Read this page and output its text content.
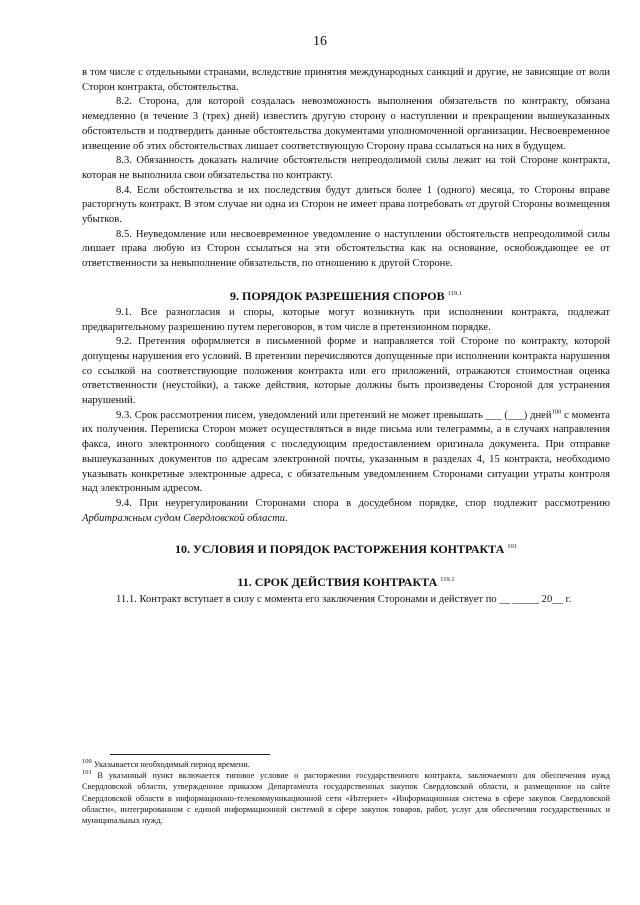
16

в том числе с отдельными странами, вследствие принятия международных санкций и другие, не зависящие от воли Сторон контракта, обстоятельства.

8.2. Сторона, для которой создалась невозможность выполнения обязательств по контракту, обязана немедленно (в течение 3 (трех) дней) известить другую сторону о наступлении и прекращении вышеуказанных обстоятельств и подтвердить данные обстоятельства документами уполномоченной организации. Несвоевременное извещение об этих обстоятельствах лишает соответствующую Сторону права ссылаться на них в будущем.

8.3. Обязанность доказать наличие обстоятельств непреодолимой силы лежит на той Стороне контракта, которая не выполнила свои обязательства по контракту.

8.4. Если обстоятельства и их последствия будут длиться более 1 (одного) месяца, то Стороны вправе расторгнуть контракт. В этом случае ни одна из Сторон не имеет права потребовать от другой Стороны возмещения убытков.

8.5. Неуведомление или несвоевременное уведомление о наступлении обстоятельств непреодолимой силы лишает права любую из Сторон ссылаться на эти обстоятельства как на основание, освобождающее ее от ответственности за невыполнение обязательств, по отношению к другой Стороне.

9. ПОРЯДОК РАЗРЕШЕНИЯ СПОРОВ $^{119.1}$

9.1. Все разногласия и споры, которые могут возникнуть при исполнении контракта, подлежат предварительному разрешению путем переговоров, в том числе в претензионном порядке.

9.2. Претензия оформляется в письменной форме и направляется той Стороне по контракту, которой допущены нарушения его условий. В претензии перечисляются допущенные при исполнении контракта нарушения со ссылкой на соответствующие положения контракта или его приложений, отражаются стоимостная оценка ответственности (неустойки), а также действия, которые должны быть произведены Стороной для устранения нарушений.

9.3. Срок рассмотрения писем, уведомлений или претензий не может превышать ___ (___) дней$^{100}$ с момента их получения. Переписка Сторон может осуществляться в виде письма или телеграммы, а в случаях направления факса, иного электронного сообщения с последующим предоставлением оригинала документа. При отправке вышеуказанных документов по адресам электронной почты, указанным в разделах 4, 15 контракта, необходимо указывать конкретные электронные адреса, с обязательным уведомлением Сторонами ситуации утраты контроля над электронным адресом.

9.4. При неурегулировании Сторонами спора в досудебном порядке, спор подлежит рассмотрению Арбитражным судом Свердловской области.

10. УСЛОВИЯ И ПОРЯДОК РАСТОРЖЕНИЯ КОНТРАКТА $^{101}$
11. СРОК ДЕЙСТВИЯ КОНТРАКТА $^{119.1}$

11.1. Контракт вступает в силу с момента его заключения Сторонами и действует по __ _____ 20__ г.

$^{100}$ Указывается необходимый период времени.

$^{101}$ В указанный пункт включается типовое условие о расторжении государственного контракта, заключаемого для обеспечения нужд Свердловской области, утвержденное приказом Департамента государственных закупок Свердловской области, и размещенное на сайте Свердловской области в информационно-телекоммуникационной сети «Интернет» «Информационная система в сфере закупок Свердловской области», интегрированном с единой информационной системой в сфере закупок товаров, работ, услуг для обеспечения государственных и муниципальных нужд.
